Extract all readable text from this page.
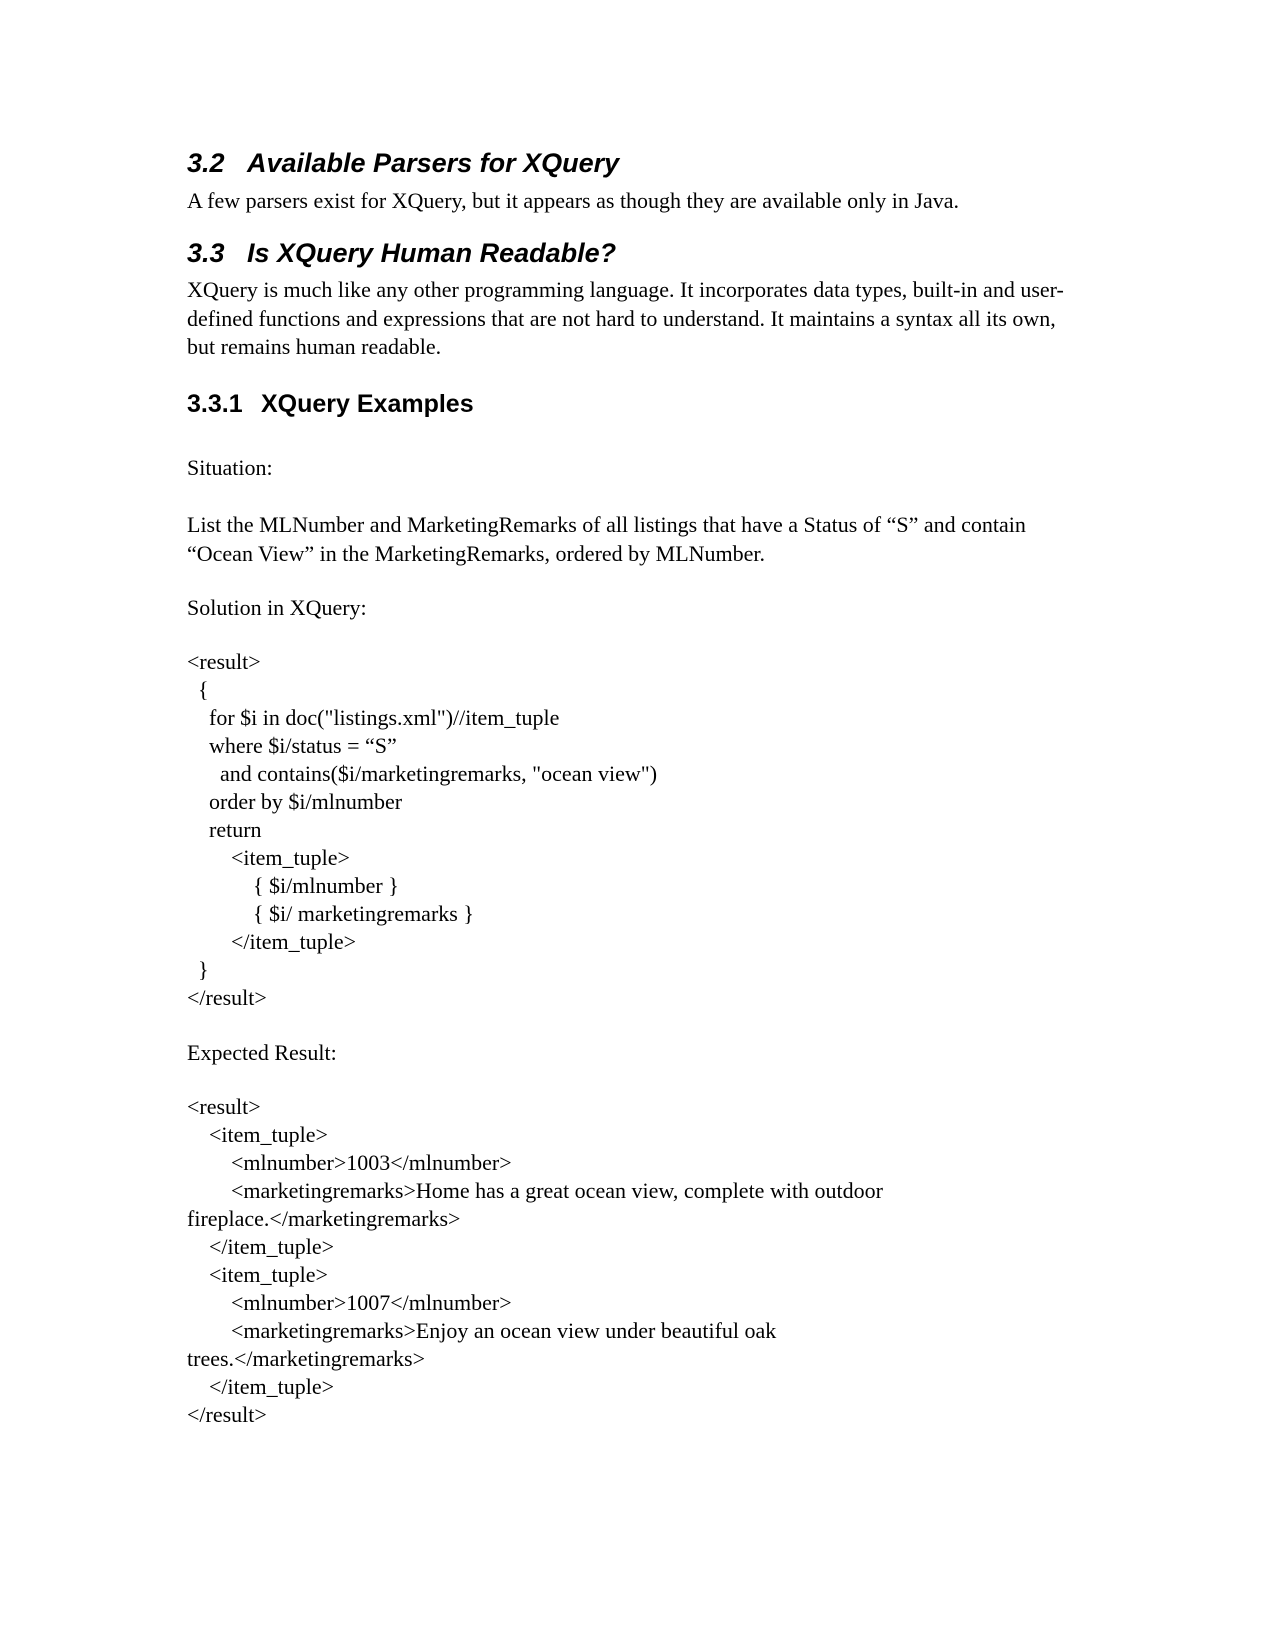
3.2 Available Parsers for XQuery

A few parsers exist for XQuery, but it appears as though they are available only in Java.

3.3 Is XQuery Human Readable?

XQuery is much like any other programming language. It incorporates data types, built-in and user-defined functions and expressions that are not hard to understand. It maintains a syntax all its own, but remains human readable.

3.3.1 XQuery Examples

Situation:

List the MLNumber and MarketingRemarks of all listings that have a Status of “S” and contain “Ocean View” in the MarketingRemarks, ordered by MLNumber.

Solution in XQuery:

<result>
{
for $i in doc("listings.xml")//item_tuple
where $i/status = “S”
and contains($i/marketingremarks, "ocean view")
order by $i/mlnumber
return
<item_tuple>
{ $i/mlnumber }
{ $i/ marketingremarks }
</item_tuple>
}
</result>

Expected Result:

<result>
<item_tuple>
<mlnumber>1003</mlnumber>
<marketingremarks>Home has a great ocean view, complete with outdoor
fireplace.</marketingremarks>
</item_tuple>
<item_tuple>
<mlnumber>1007</mlnumber>
<marketingremarks>Enjoy an ocean view under beautiful oak
trees.</marketingremarks>
</item_tuple>
</result>
